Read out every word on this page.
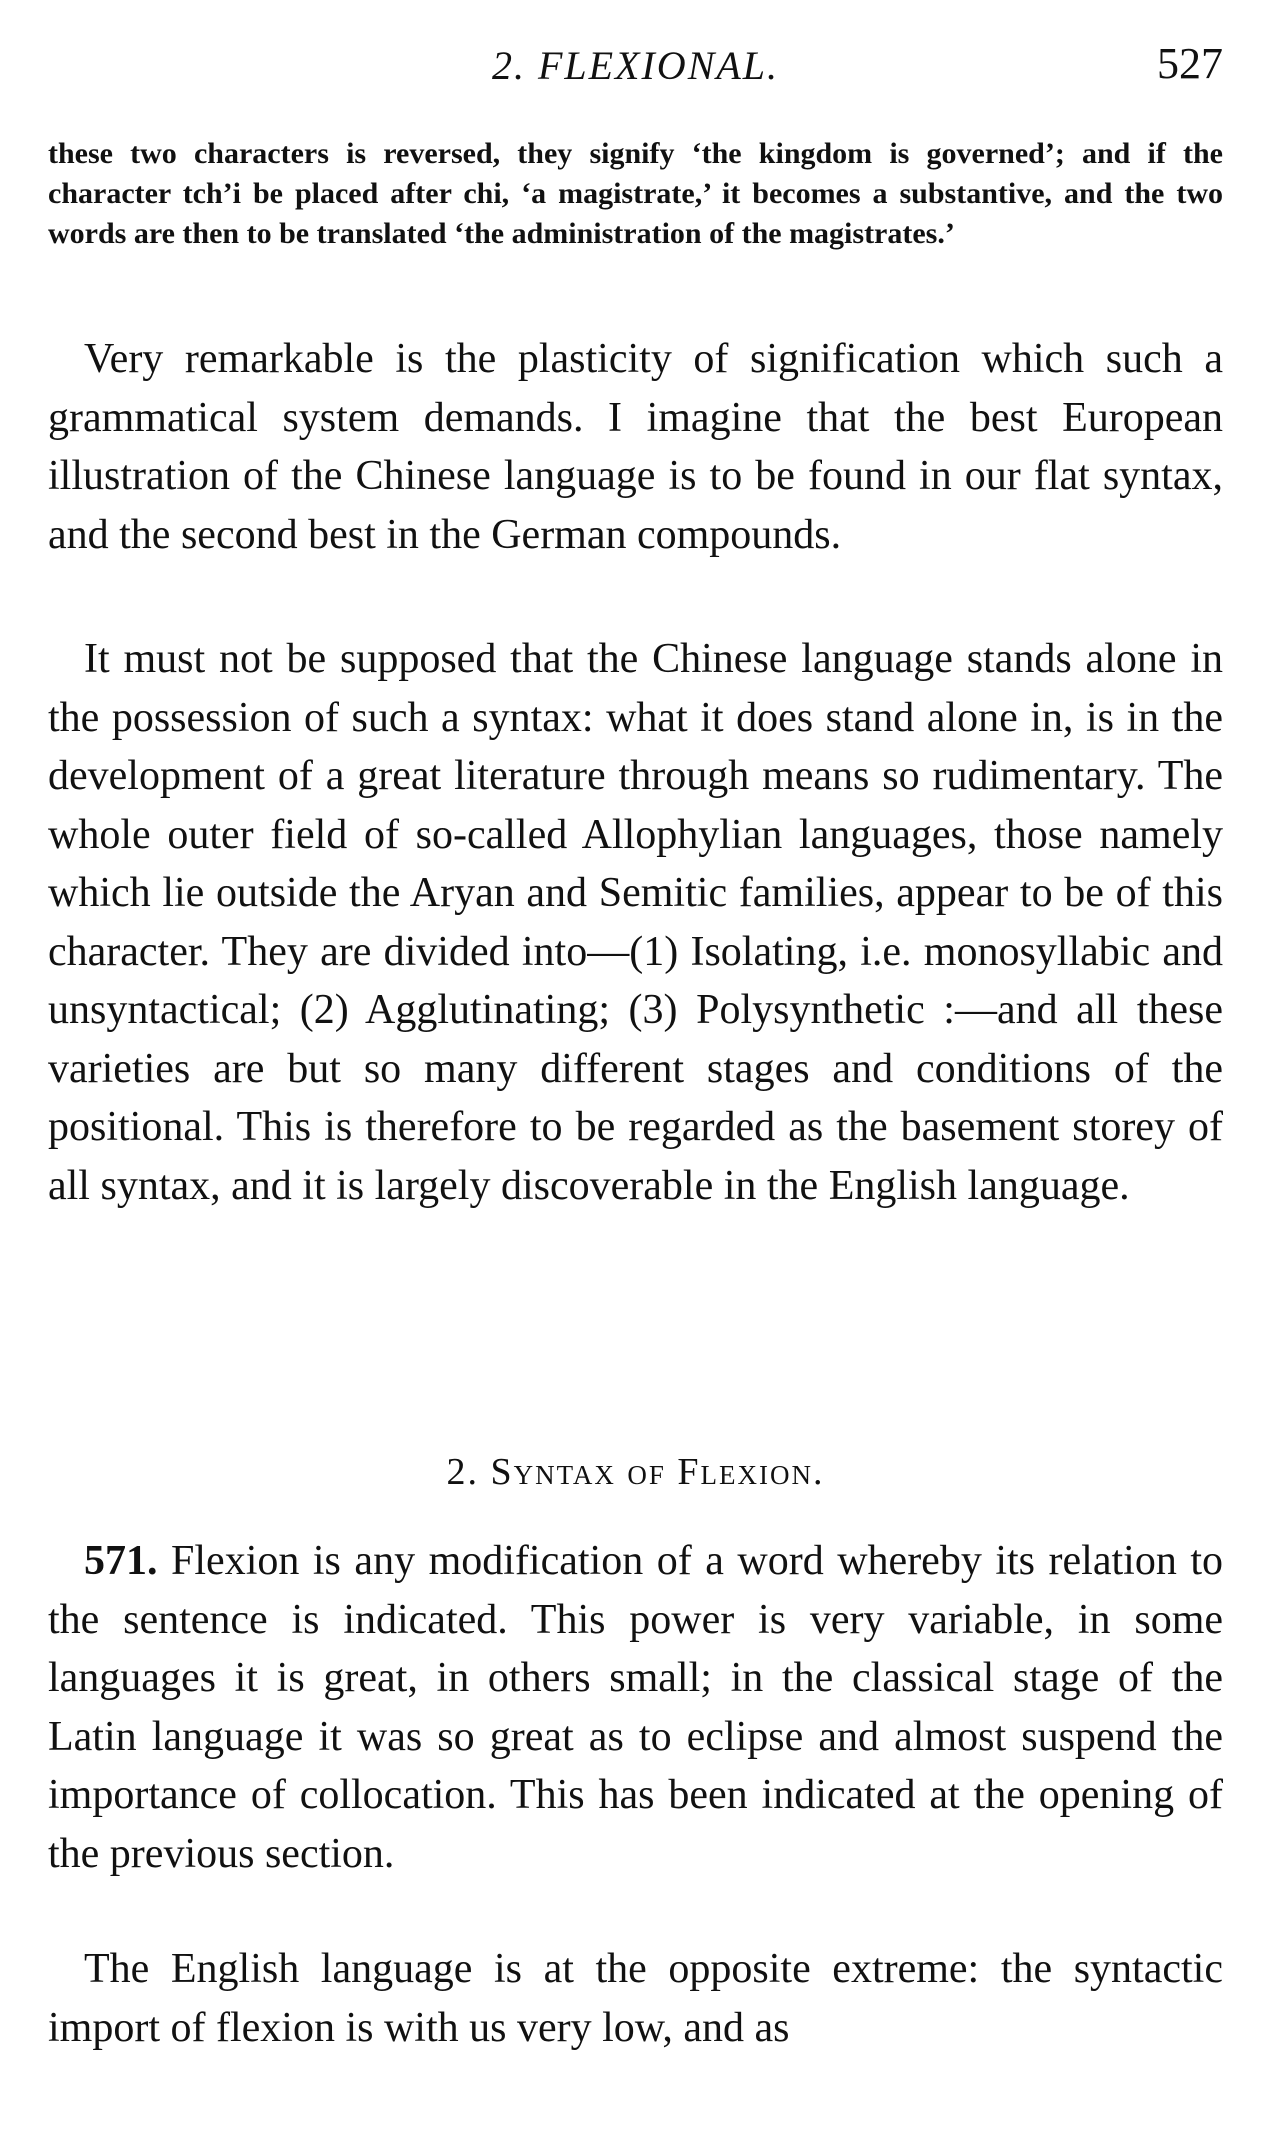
2. FLEXIONAL.	527
these two characters is reversed, they signify ‘the kingdom is governed’; and if the character tch’i be placed after chi, ‘a magistrate,’ it becomes a substantive, and the two words are then to be translated ‘the administration of the magistrates.’

Very remarkable is the plasticity of signification which such a grammatical system demands. I imagine that the best European illustration of the Chinese language is to be found in our flat syntax, and the second best in the German compounds.

It must not be supposed that the Chinese language stands alone in the possession of such a syntax: what it does stand alone in, is in the development of a great literature through means so rudimentary. The whole outer field of so-called Allophylian languages, those namely which lie outside the Aryan and Semitic families, appear to be of this character. They are divided into—(1) Isolating, i.e. monosyllabic and unsyntactical; (2) Agglutinating; (3) Polysynthetic :—and all these varieties are but so many different stages and conditions of the positional. This is therefore to be regarded as the basement storey of all syntax, and it is largely discoverable in the English language.

2. Syntax of Flexion.

571. Flexion is any modification of a word whereby its relation to the sentence is indicated. This power is very variable, in some languages it is great, in others small; in the classical stage of the Latin language it was so great as to eclipse and almost suspend the importance of collocation. This has been indicated at the opening of the previous section.

The English language is at the opposite extreme: the syntactic import of flexion is with us very low, and as
